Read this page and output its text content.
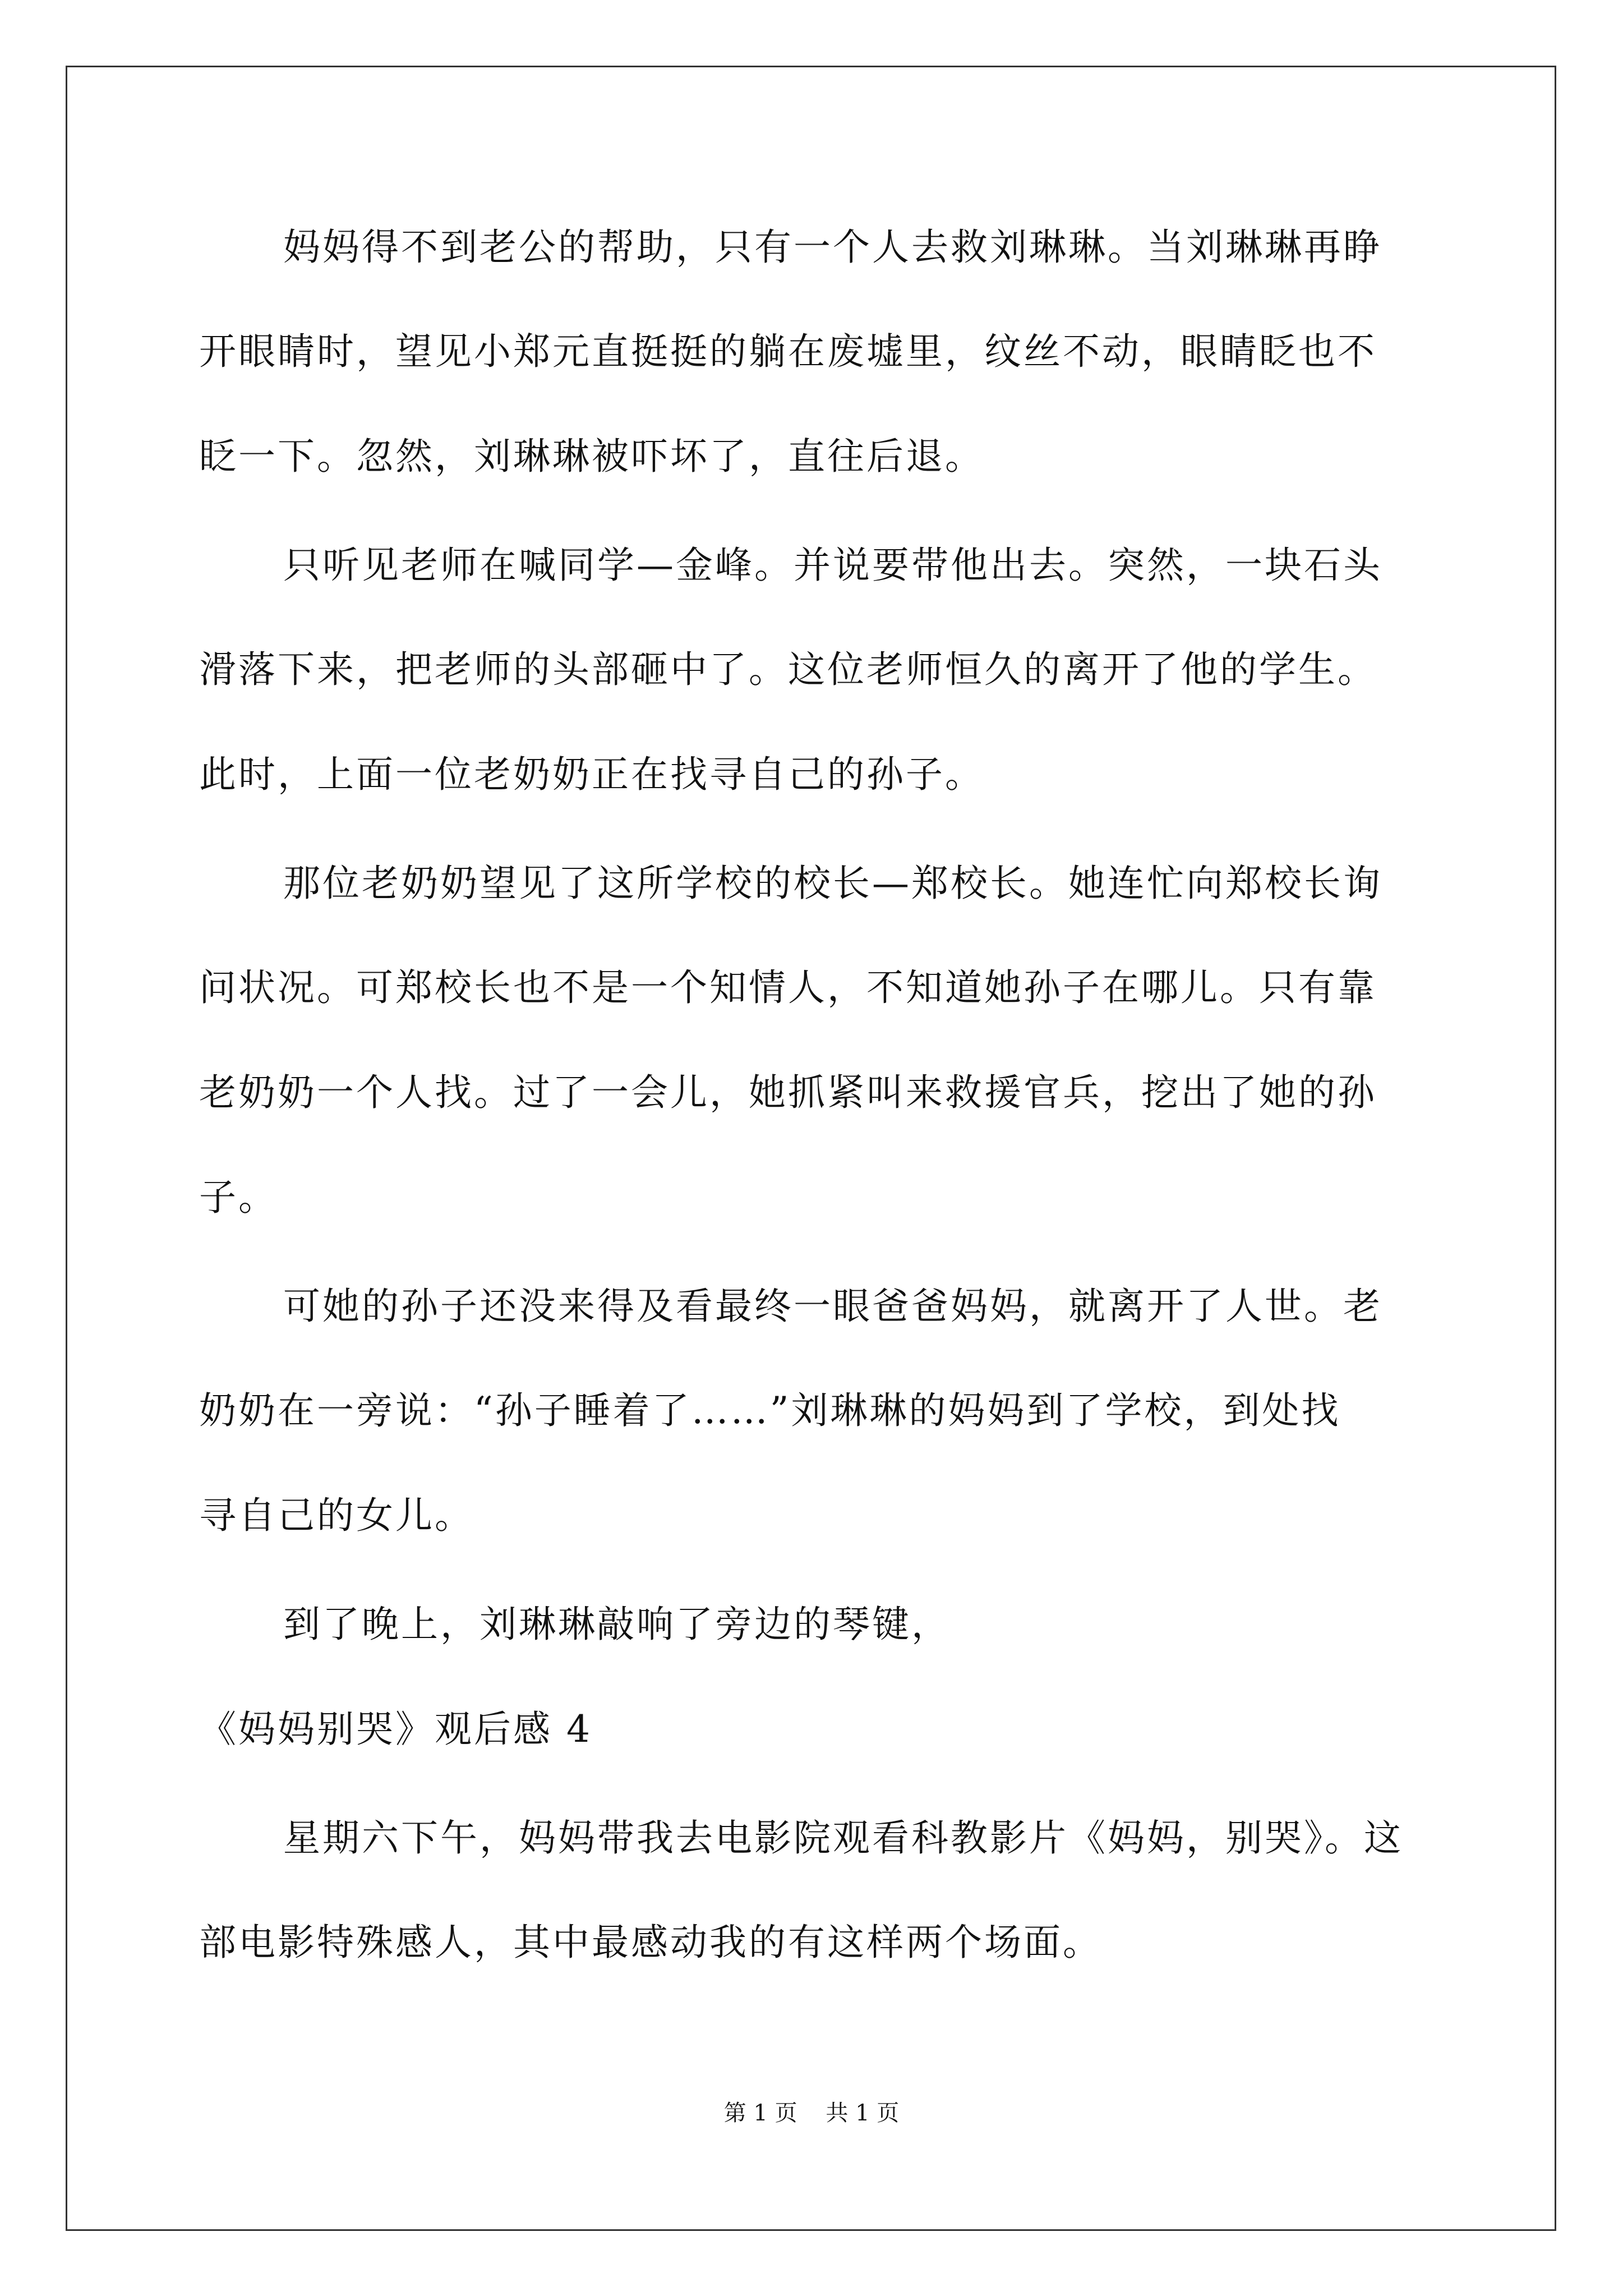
妈妈得不到老公的帮助，只有一个人去救刘琳琳。当刘琳琳再睁
开眼睛时，望见小郑元直挺挺的躺在废墟里，纹丝不动，眼睛眨也不
眨一下。忽然，刘琳琳被吓坏了，直往后退。
只听见老师在喊同学—金峰。并说要带他出去。突然，一块石头
滑落下来，把老师的头部砸中了。这位老师恒久的离开了他的学生。
此时，上面一位老奶奶正在找寻自己的孙子。
那位老奶奶望见了这所学校的校长—郑校长。她连忙向郑校长询
问状况。可郑校长也不是一个知情人，不知道她孙子在哪儿。只有靠
老奶奶一个人找。过了一会儿，她抓紧叫来救援官兵，挖出了她的孙
子。
可她的孙子还没来得及看最终一眼爸爸妈妈，就离开了人世。老
奶奶在一旁说：“孙子睡着了……”刘琳琳的妈妈到了学校，到处找
寻自己的女儿。
到了晚上，刘琳琳敲响了旁边的琴键，
《妈妈别哭》观后感 4
星期六下午，妈妈带我去电影院观看科教影片《妈妈，别哭》。这
部电影特殊感人，其中最感动我的有这样两个场面。
第 1 页    共 1 页
